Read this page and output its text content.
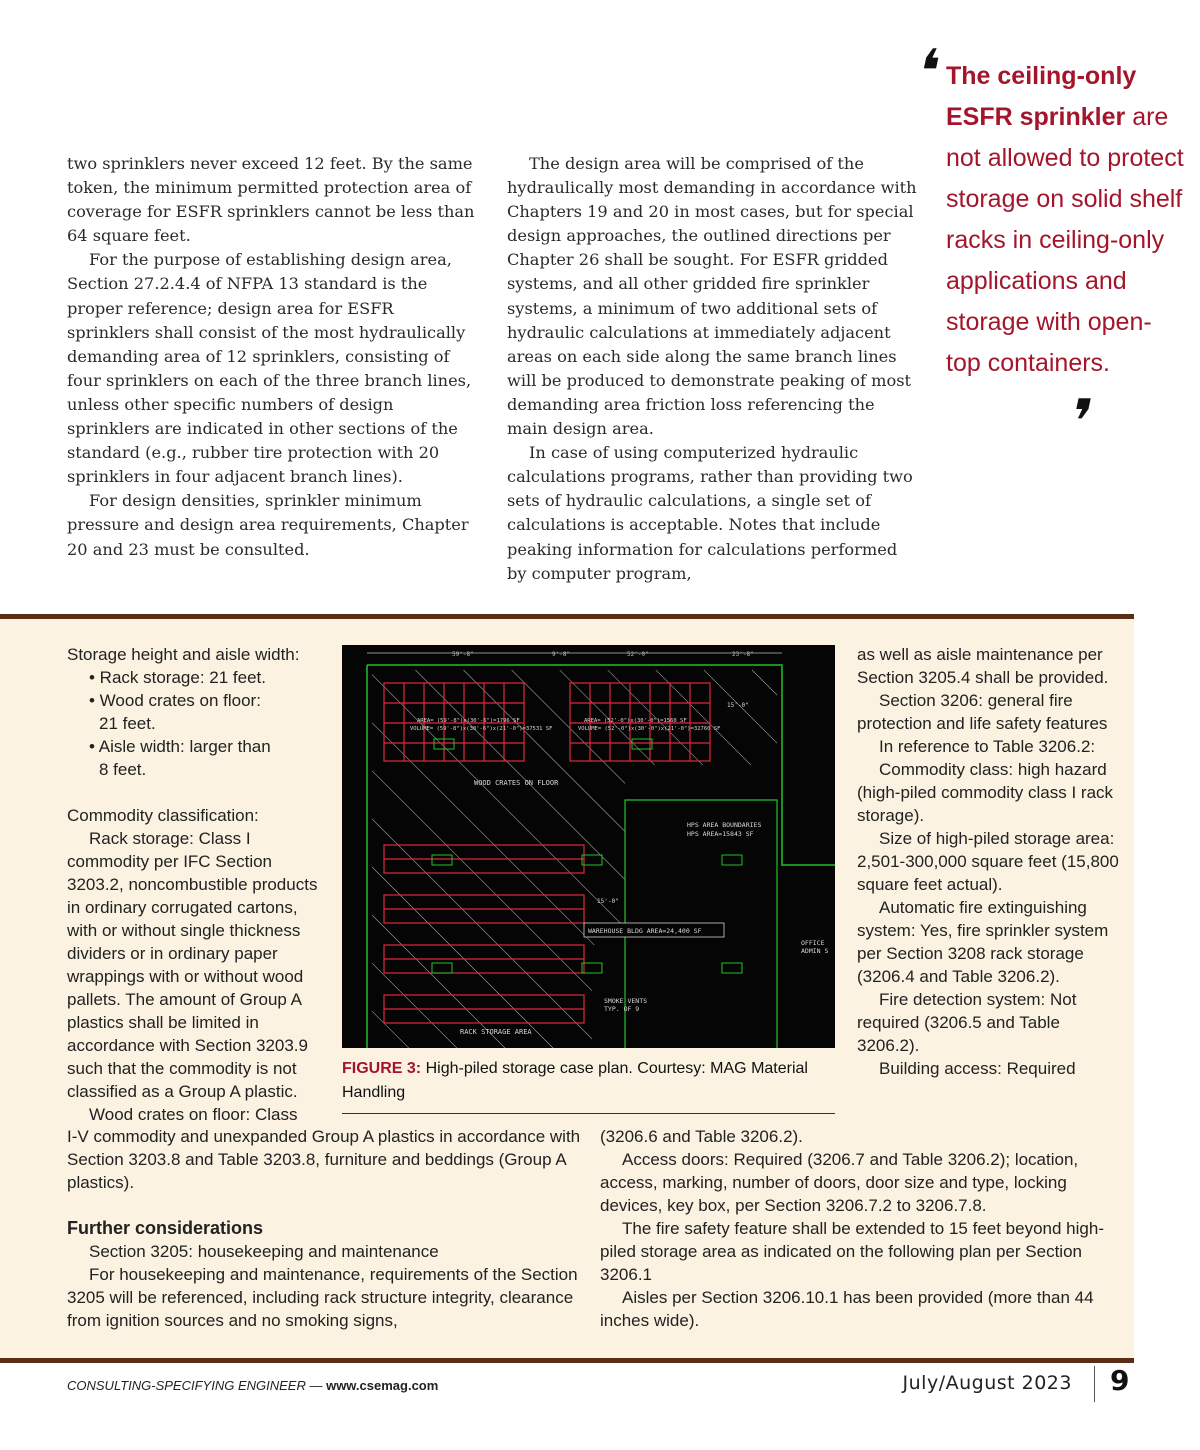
two sprinklers never exceed 12 feet. By the same token, the minimum permitted protection area of coverage for ESFR sprinklers cannot be less than 64 square feet.

For the purpose of establishing design area, Section 27.2.4.4 of NFPA 13 standard is the proper reference; design area for ESFR sprinklers shall consist of the most hydraulically demanding area of 12 sprinklers, consisting of four sprinklers on each of the three branch lines, unless other specific numbers of design sprinklers are indicated in other sections of the standard (e.g., rubber tire protection with 20 sprinklers in four adjacent branch lines).

For design densities, sprinkler minimum pressure and design area requirements, Chapter 20 and 23 must be consulted.

The design area will be comprised of the hydraulically most demanding in accordance with Chapters 19 and 20 in most cases, but for special design approaches, the outlined directions per Chapter 26 shall be sought. For ESFR gridded systems, and all other gridded fire sprinkler systems, a minimum of two additional sets of hydraulic calculations at immediately adjacent areas on each side along the same branch lines will be produced to demonstrate peaking of most demanding area friction loss referencing the main design area.

In case of using computerized hydraulic calculations programs, rather than providing two sets of hydraulic calculations, a single set of calculations is acceptable. Notes that include peaking information for calculations performed by computer program,

❛ The ceiling-only ESFR sprinkler are not allowed to protect storage on solid shelf racks in ceiling-only applications and storage with open-top containers.
❜

Storage height and aisle width:

• Rack storage: 21 feet.

• Wood crates on floor:

21 feet.

• Aisle width: larger than

8 feet.

Commodity classification:

Rack storage: Class I commodity per IFC Section 3203.2, noncombustible products in ordinary corrugated cartons, with or without single thickness dividers or in ordinary paper wrappings with or without wood pallets. The amount of Group A plastics shall be limited in accordance with Section 3203.9 such that the commodity is not classified as a Group A plastic.

Wood crates on floor: Class

59'-8"	9'-8"	52'-0"	23'-8"
AREA= (59'-8")x(30'-6")=1796 SF
VOLUME= (59'-8")x(30'-6")x(21'-0")=37531 SF
AREA= (52'-0")x(30'-0")=1560 SF
VOLUME= (52'-0")x(30'-0")x(21'-0")=32760 SF
WOOD CRATES ON FLOOR
HPS AREA BOUNDARIES
HPS AREA=15843 SF
OFFICE
ADMIN S
SMOKE VENTS
TYP. OF 9
RACK STORAGE AREA
15'-0"
15'-0"
WAREHOUSE BLDG AREA=24,400 SF
FIGURE 3: High-piled storage case plan. Courtesy: MAG Material Handling

as well as aisle maintenance per Section 3205.4 shall be provided.

Section 3206: general fire protection and life safety features

In reference to Table 3206.2:

Commodity class: high hazard (high-piled commodity class I rack storage).

Size of high-piled storage area: 2,501-300,000 square feet (15,800 square feet actual).

Automatic fire extinguishing system: Yes, fire sprinkler system per Section 3208 rack storage (3206.4 and Table 3206.2).

Fire detection system: Not required (3206.5 and Table 3206.2).

Building access: Required

I-V commodity and unexpanded Group A plastics in accordance with Section 3203.8 and Table 3203.8, furniture and beddings (Group A plastics).

Further considerations

Section 3205: housekeeping and maintenance

For housekeeping and maintenance, requirements of the Section 3205 will be referenced, including rack structure integrity, clearance from ignition sources and no smoking signs,

(3206.6 and Table 3206.2).

Access doors: Required (3206.7 and Table 3206.2); location, access, marking, number of doors, door size and type, locking devices, key box, per Section 3206.7.2 to 3206.7.8.

The fire safety feature shall be extended to 15 feet beyond high-piled storage area as indicated on the following plan per Section 3206.1

Aisles per Section 3206.10.1 has been provided (more than 44 inches wide).

CONSULTING-SPECIFYING ENGINEER — www.csemag.com	July/August 2023 9
